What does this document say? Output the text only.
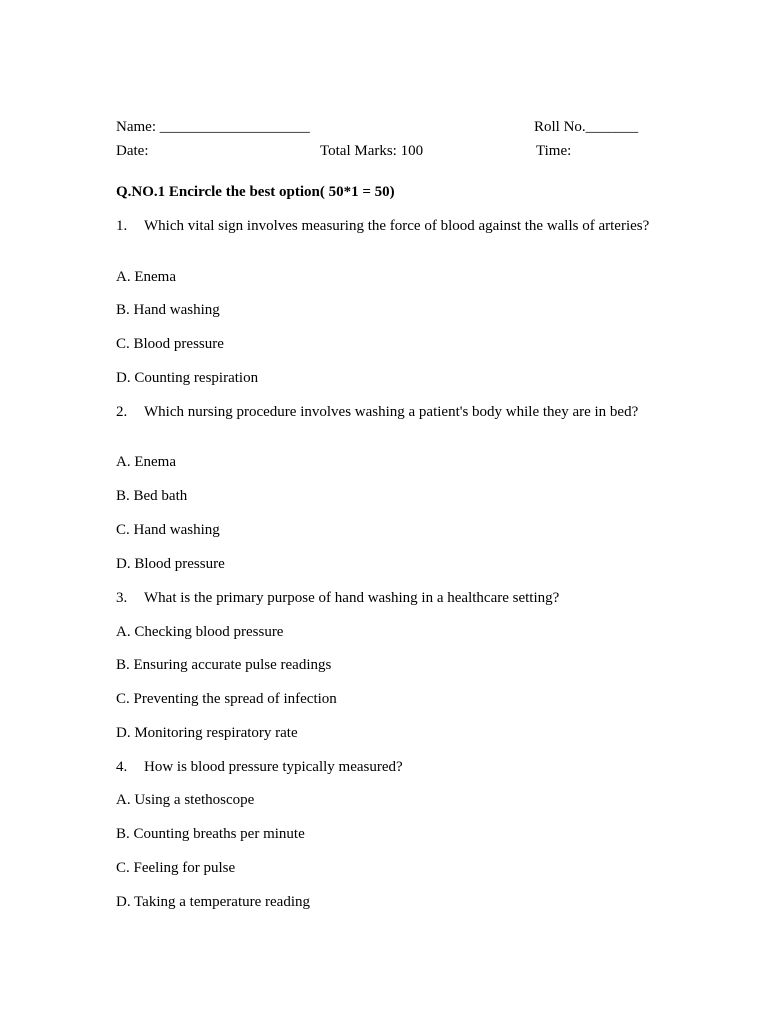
Name: ____________________	Roll No._______
Date:	Total Marks: 100	Time:
Q.NO.1 Encircle the best option( 50*1 = 50)
1. Which vital sign involves measuring the force of blood against the walls of arteries?
A. Enema
B. Hand washing
C. Blood pressure
D. Counting respiration
2. Which nursing procedure involves washing a patient's body while they are in bed?
A. Enema
B. Bed bath
C. Hand washing
D. Blood pressure
3. What is the primary purpose of hand washing in a healthcare setting?
A. Checking blood pressure
B. Ensuring accurate pulse readings
C. Preventing the spread of infection
D. Monitoring respiratory rate
4. How is blood pressure typically measured?
A. Using a stethoscope
B. Counting breaths per minute
C. Feeling for pulse
D. Taking a temperature reading
